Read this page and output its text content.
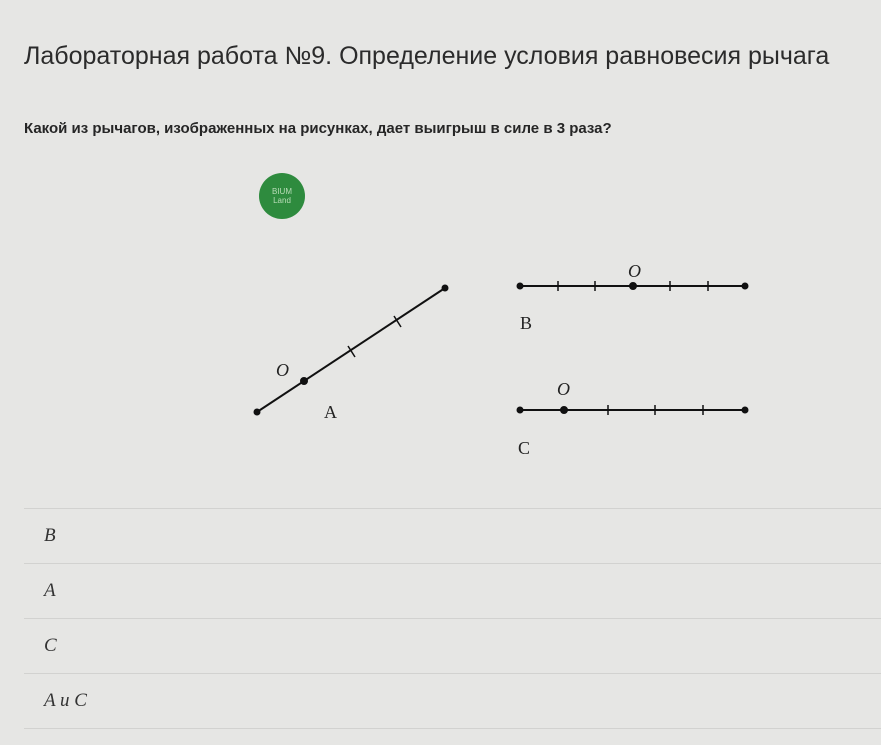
Лабораторная работа №9. Определение условия равновесия рычага
Какой из рычагов, изображенных на рисунках, дает выигрыш в силе в 3 раза?
BIUM
Land
O
A
O
B
O
C
B
A
C
A и C
